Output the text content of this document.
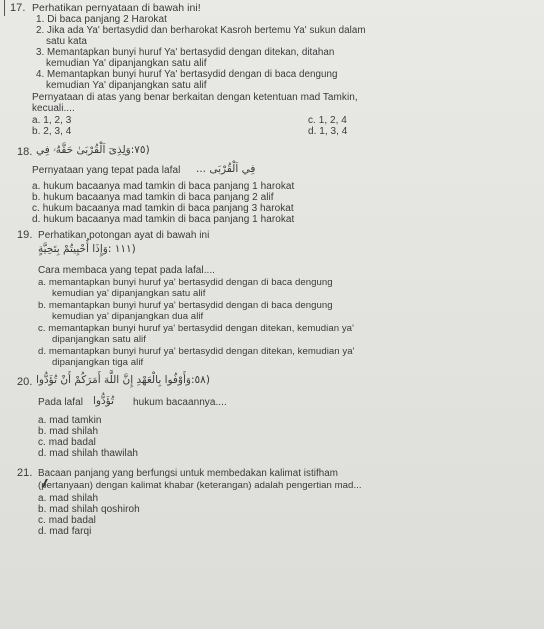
17. Perhatikan pernyataan di bawah ini!
1. Di baca panjang 2 Harokat
2. Jika ada Ya' bertasydid dan berharokat Kasroh bertemu Ya' sukun dalam
satu kata
3. Memantapkan bunyi huruf Ya' bertasydid dengan ditekan, ditahan
kemudian Ya' dipanjangkan satu alif
4. Memantapkan bunyi huruf Ya' bertasydid dengan di baca dengung
kemudian Ya' dipanjangkan satu alif
Pernyataan di atas yang benar berkaitan dengan ketentuan mad Tamkin,
kecuali....
a. 1, 2, 3
b. 2, 3, 4
c. 1, 2, 4
d. 1, 3, 4
18. (٧٥:وَلِذِىٓ اَلْقُرْبَىٰ حَقَّهُۥ فِي
Pernyataan yang tepat pada lafal فِي اَلْقُرْبَى ...
a. hukum bacaanya mad tamkin di baca panjang 1 harokat
b. hukum bacaanya mad tamkin di baca panjang 2 alif
c. hukum bacaanya mad tamkin di baca panjang 3 harokat
d. hukum bacaanya mad tamkin di baca panjang 1 harokat
19. Perhatikan potongan ayat di bawah ini
(١١١ :وَإِذَا أُحْيِيتُمْ بِتَحِيَّةٍ
Cara membaca yang tepat pada lafal....
a. memantapkan bunyi huruf ya' bertasydid dengan di baca dengung
kemudian ya' dipanjangkan satu alif
b. memantapkan bunyi huruf ya' bertasydid dengan di baca dengung
kemudian ya' dipanjangkan dua alif
c. memantapkan bunyi huruf ya' bertasydid dengan ditekan, kemudian ya'
dipanjangkan satu alif
d. memantapkan bunyi huruf ya' bertasydid dengan ditekan, kemudian ya'
dipanjangkan tiga alif
20. (٥٨:وَأَوْفُوا بِالْعَهْدِ إِنَّ اللَّهَ أَمَرَكُمْ أَنْ تُؤَدُّوا
Pada lafal تُؤَدُّوا hukum bacaannya....
a. mad tamkin
b. mad shilah
c. mad badal
d. mad shilah thawilah
21. Bacaan panjang yang berfungsi untuk membedakan kalimat istifham
(pertanyaan) dengan kalimat khabar (keterangan) adalah pengertian mad...
a. mad shilah
b. mad shilah qoshiroh
c. mad badal
d. mad farqi
